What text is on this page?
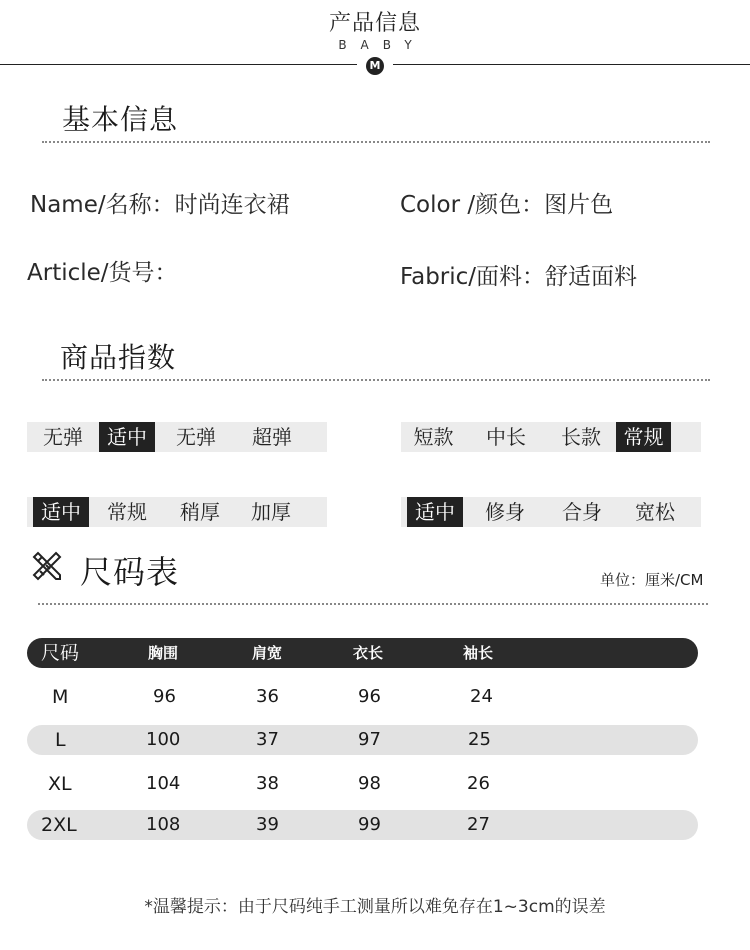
产品信息
BABY
M
基本信息
Name/名称：时尚连衣裙	Color /颜色：图片色
Article/货号：	Fabric/面料：舒适面料
商品指数
无弹	适中	无弹	超弹	短款	中长	长款	常规
适中	常规	稍厚	加厚	适中	修身	合身	宽松
尺码表	单位：厘米/CM
尺码	胸围	肩宽	衣长	袖长
M	96	36	96	24
L	100	37	97	25
XL	104	38	98	26
2XL	108	39	99	27
*温馨提示：由于尺码纯手工测量所以难免存在1~3cm的误差
